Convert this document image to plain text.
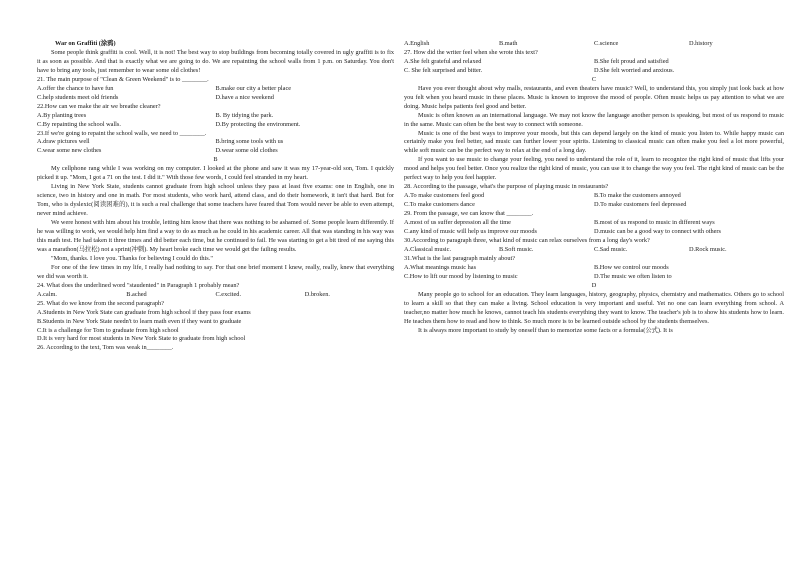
War on Graffiti (涂鸦)

Some people think graffiti is cool. Well, it is not! The best way to stop buildings from becoming totally covered in ugly graffiti is to fix it as soon as possible. And that is exactly what we are going to do. We are repainting the school walls from 1 p.m. on Saturday. You don't have to bring any tools, just remember to wear some old clothes!

21. The main purpose of "Clean & Green Weekend" is to ________.

A.offer the chance to have fun	B.make our city a better place
C.help students meet old friends	D.have a nice weekend

22.How can we make the air we breathe cleaner?

A.By planting trees	B. By tidying the park.
C.By repainting the school walls.	D.By protecting the environment.

23.If we're going to repaint the school walls, we need to ________.

A.draw pictures well	B.bring some tools with us
C.wear some new clothes	D.wear some old clothes

B

My cellphone rang while I was working on my computer. I looked at the phone and saw it was my 17-year-old son, Tom. I quickly picked it up. "Mom, I got a 71 on the test. I did it." With those few words, I could feel stranded in my heart.

Living in New York State, students cannot graduate from high school unless they pass at least five exams: one in English, one in science, two in history and one in math. For most students, who work hard, attend class, and do their homework, it isn't that hard. But for Tom, who is dyslexic(阅读困难的), it is such a real challenge that some teachers have feared that Tom would never be able to even attempt, never mind achieve.

We were honest with him about his trouble, letting him know that there was nothing to be ashamed of. Some people learn differently. If he was willing to work, we would help him find a way to do as much as he could in his academic career. All that was standing in his way was this math test. He had taken it three times and did better each time, but he continued to fail. He was starting to get a bit tired of me saying this was a marathon(马拉松) not a sprint(冲刺). My heart broke each time we would get the failing results.

"Mom, thanks. I love you. Thanks for believing I could do this."

For one of the few times in my life, I really had nothing to say. For that one brief moment I knew, really, really, knew that everything we did was worth it.

24. What does the underlined word "staudented" in Paragraph 1 probably mean?

A.calm.	B.ached	C.excited.	D.broken.

25. What do we know from the second paragraph?

A.Students in New York State can graduate from high school if they pass four exams

B.Students in New York State needn't to learn math even if they want to graduate

C.It is a challenge for Tom to graduate from high school

D.It is very hard for most students in New York State to graduate from high school

26. According to the text, Tom was weak in________.

A.English	B.math	C.science	D.history

27. How did the writer feel when she wrote this text?

A.She felt grateful and relaxed	B.She felt proud and satisfied
C. She felt surprised and bitter.	D.She felt worried and anxious.

C

Have you ever thought about why malls, restaurants, and even theaters have music? Well, to understand this, you simply just look back at how you felt when you heard music in these places. Music is known to improve the mood of people. Often music helps us pay attention to what we are doing. Music helps patients feel good and better.

Music is often known as an international language. We may not know the language another person is speaking, but most of us respond to music in the same. Music can often be the best way to connect with someone.

Music is one of the best ways to improve your moods, but this can depend largely on the kind of music you listen to. While happy music can certainly make you feel better, sad music can further lower your spirits. Listening to classical music can often make you feel a lot more powerful, while soft music can be the perfect way to relax at the end of a long day.

If you want to use music to change your feeling, you need to understand the role of it, learn to recognize the right kind of music that lifts your mood and helps you feel better. Once you realize the right kind of music, you can use it to change the way you feel. The right kind of music can be the perfect way to help you feel happier.

28. According to the passage, what's the purpose of playing music in restaurants?

A.To make customers feel good	B.To make the customers annoyed
C.To make customers dance	D.To make customers feel depressed

29. From the passage, we can know that ________.

A.most of us suffer depression all the time	B.most of us respond to music in different ways
C.any kind of music will help us improve our moods	D.music can be a good way to connect with others

30.According to paragraph three, what kind of music can relax ourselves from a long day's work?

A.Classical music.	B.Soft music.	C.Sad music.	D.Rock music.

31.What is the last paragraph mainly about?

A.What meanings music has	B.How we control our moods
C.How to lift our mood by listening to music	D.The music we often listen to

D

Many people go to school for an education. They learn languages, history, geography, physics, chemistry and mathematics. Others go to school to learn a skill so that they can make a living. School education is very important and useful. Yet no one can learn everything from school. A teacher,no matter how much he knows, cannot teach his students everything they want to know. The teacher's job is to show his students how to learn. He teaches them how to read and how to think. So much more is to be learned outside school by the students themselves.

It is always more important to study by oneself than to memorize some facts or a formula(公式). It is
